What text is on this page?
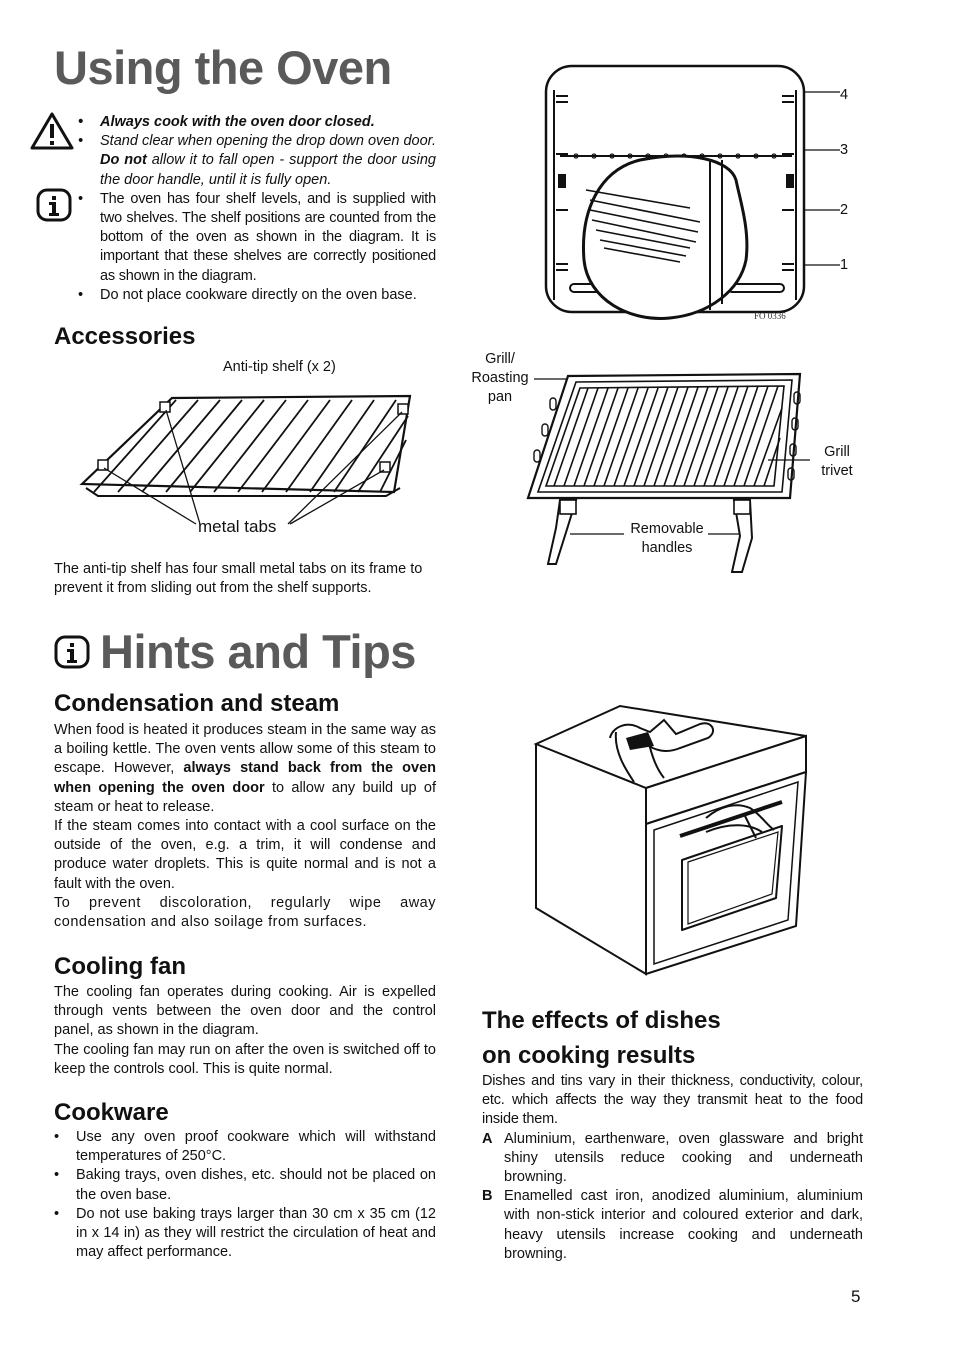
Using the Oven
• Always cook with the oven door closed.
• Stand clear when opening the drop down oven door. Do not allow it to fall open - support the door using the door handle, until it is fully open.
• The oven has four shelf levels, and is supplied with two shelves. The shelf positions are counted from the bottom of the oven as shown in the diagram. It is important that these shelves are correctly positioned as shown in the diagram.
• Do not place cookware directly on the oven base.
4
3
2
1
FO 0336
Accessories
Anti-tip shelf (x 2)
metal tabs
The anti-tip shelf has four small metal tabs on its frame to prevent it from sliding out from the shelf supports.
Grill/
Roasting
pan
Grill
trivet
Removable
handles
Hints and Tips
Condensation and steam
When food is heated it produces steam in the same way as a boiling kettle. The oven vents allow some of this steam to escape. However, always stand back from the oven when opening the oven door to allow any build up of steam or heat to release.
If the steam comes into contact with a cool surface on the outside of the oven, e.g. a trim, it will condense and produce water droplets. This is quite normal and is not a fault with the oven.
To prevent discoloration, regularly wipe away condensation and also soilage from surfaces.
Cooling fan
The cooling fan operates during cooking. Air is expelled through vents between the oven door and the control panel, as shown in the diagram.
The cooling fan may run on after the oven is switched off to keep the controls cool. This is quite normal.
Cookware
• Use any oven proof cookware which will withstand temperatures of 250°C.
• Baking trays, oven dishes, etc. should not be placed on the oven base.
• Do not use baking trays larger than 30 cm x 35 cm (12 in x 14 in) as they will restrict the circulation of heat and may affect performance.
The effects of dishes
on cooking results
Dishes and tins vary in their thickness, conductivity, colour, etc. which affects the way they transmit heat to the food inside them.
A Aluminium, earthenware, oven glassware and bright shiny utensils reduce cooking and underneath browning.
B Enamelled cast iron, anodized aluminium, aluminium with non-stick interior and coloured exterior and dark, heavy utensils increase cooking and underneath browning.
5
